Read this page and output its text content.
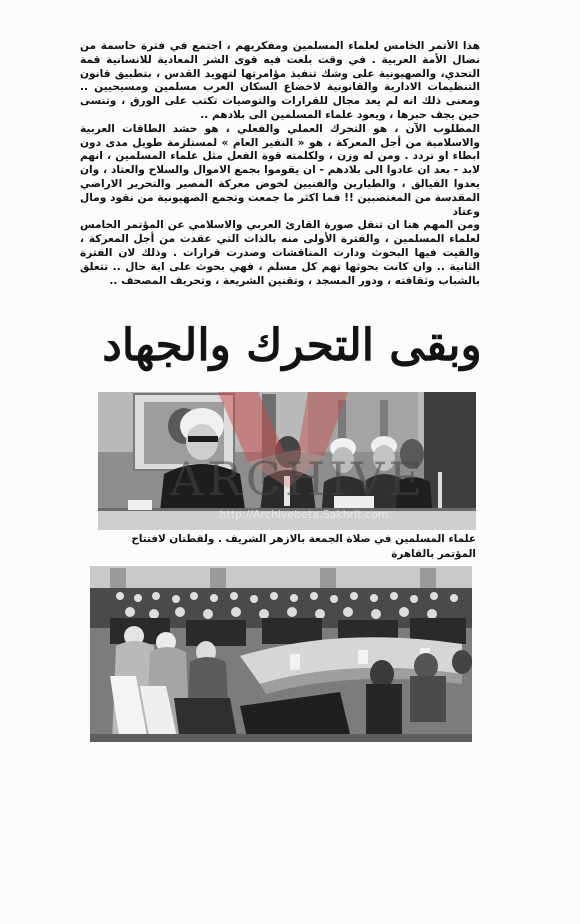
هذا الأتمر الخامس لعلماء المسلمين ومفكريهم ، اجتمع في فترة حاسمة من نضال الأمة العربية . في وقت بلغت فيه قوى الشر المعادية للانسانية قمة التحدي، والصهيونية على وشك تنفيذ مؤامرتها لتهويد القدس ، بتطبيق قانون التنظيمات الادارية والقانونية لاخضاع السكان العرب مسلمين ومسيحيين .. ومعنى ذلك انه لم يعد مجال للقرارات والتوصيات تكتب على الورق ، وتنسى حين يجف حبرها ، ويعود علماء المسلمين الى بلادهم ..

المطلوب الآن ، هو التحرك العملي والفعلي ، هو حشد الطاقات العربية والاسلامية من أجل المعركة ، هو « النفير العام » لمستلزمة طويل مدى دون ابطاء او تردد . ومن له وزن ، ولكلمته قوة الفعل مثل علماء المسلمين ، انهم لابد - بعد ان عادوا الى بلادهم - ان يقوموا بجمع الاموال والسلاح والعتاد ، وان يعدوا الفيالق ، والطيارين والفنيين لخوض معركة المصير والتحرير الاراضي المقدسة من المغتصبين !! فما اكثر ما جمعت وتجمع الصهيونية من نقود ومال وعتاد

ومن المهم هنا ان تنقل صورة القارئ العربي والاسلامي عن المؤتمر الخامس لعلماء المسلمين ، والفترة الأولى منه بالذات التي عقدت من أجل المعركة ، والقيت فيها البحوث ودارت المناقشات وصدرت قرارات . وذلك لان الفترة الثانية .. وان كانت بحوثها تهم كل مسلم ، فهي بحوث على اية حال .. تتعلق بالشباب وثقافته ، ودور المسجد ، وتقنين الشريعة ، وتحريف المصحف ..

وبقى التحرك والجهاد
ARCHIVE
http://Archivebeta.Sakhrit.com
علماء المسلمين في صلاة الجمعة بالازهر الشريف . ولقطتان لافتتاح المؤتمر بالقاهرة
